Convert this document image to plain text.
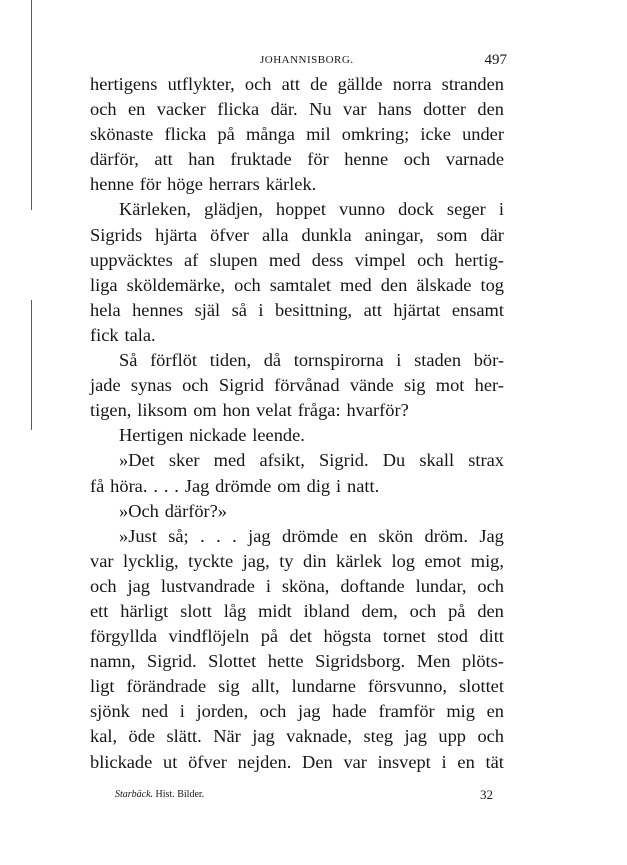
JOHANNISBORG.	497
hertigens utflykter, och att de gällde norra stranden
och en vacker flicka där. Nu var hans dotter den
skönaste flicka på många mil omkring; icke under
därför, att han fruktade för henne och varnade
henne för höge herrars kärlek.
Kärleken, glädjen, hoppet vunno dock seger i
Sigrids hjärta öfver alla dunkla aningar, som där
uppväcktes af slupen med dess vimpel och hertig-
liga sköldemärke, och samtalet med den älskade tog
hela hennes själ så i besittning, att hjärtat ensamt
fick tala.
Så förflöt tiden, då tornspirorna i staden bör-
jade synas och Sigrid förvånad vände sig mot her-
tigen, liksom om hon velat fråga: hvarför?
Hertigen nickade leende.
»Det sker med afsikt, Sigrid. Du skall strax
få höra. . . . Jag drömde om dig i natt.
»Och därför?»
»Just så; . . . jag drömde en skön dröm. Jag
var lycklig, tyckte jag, ty din kärlek log emot mig,
och jag lustvandrade i sköna, doftande lundar, och
ett härligt slott låg midt ibland dem, och på den
förgyllda vindflöjeln på det högsta tornet stod ditt
namn, Sigrid. Slottet hette Sigridsborg. Men plöts-
ligt förändrade sig allt, lundarne försvunno, slottet
sjönk ned i jorden, och jag hade framför mig en
kal, öde slätt. När jag vaknade, steg jag upp och
blickade ut öfver nejden. Den var insvept i en tät
Starbäck. Hist. Bilder.	32
